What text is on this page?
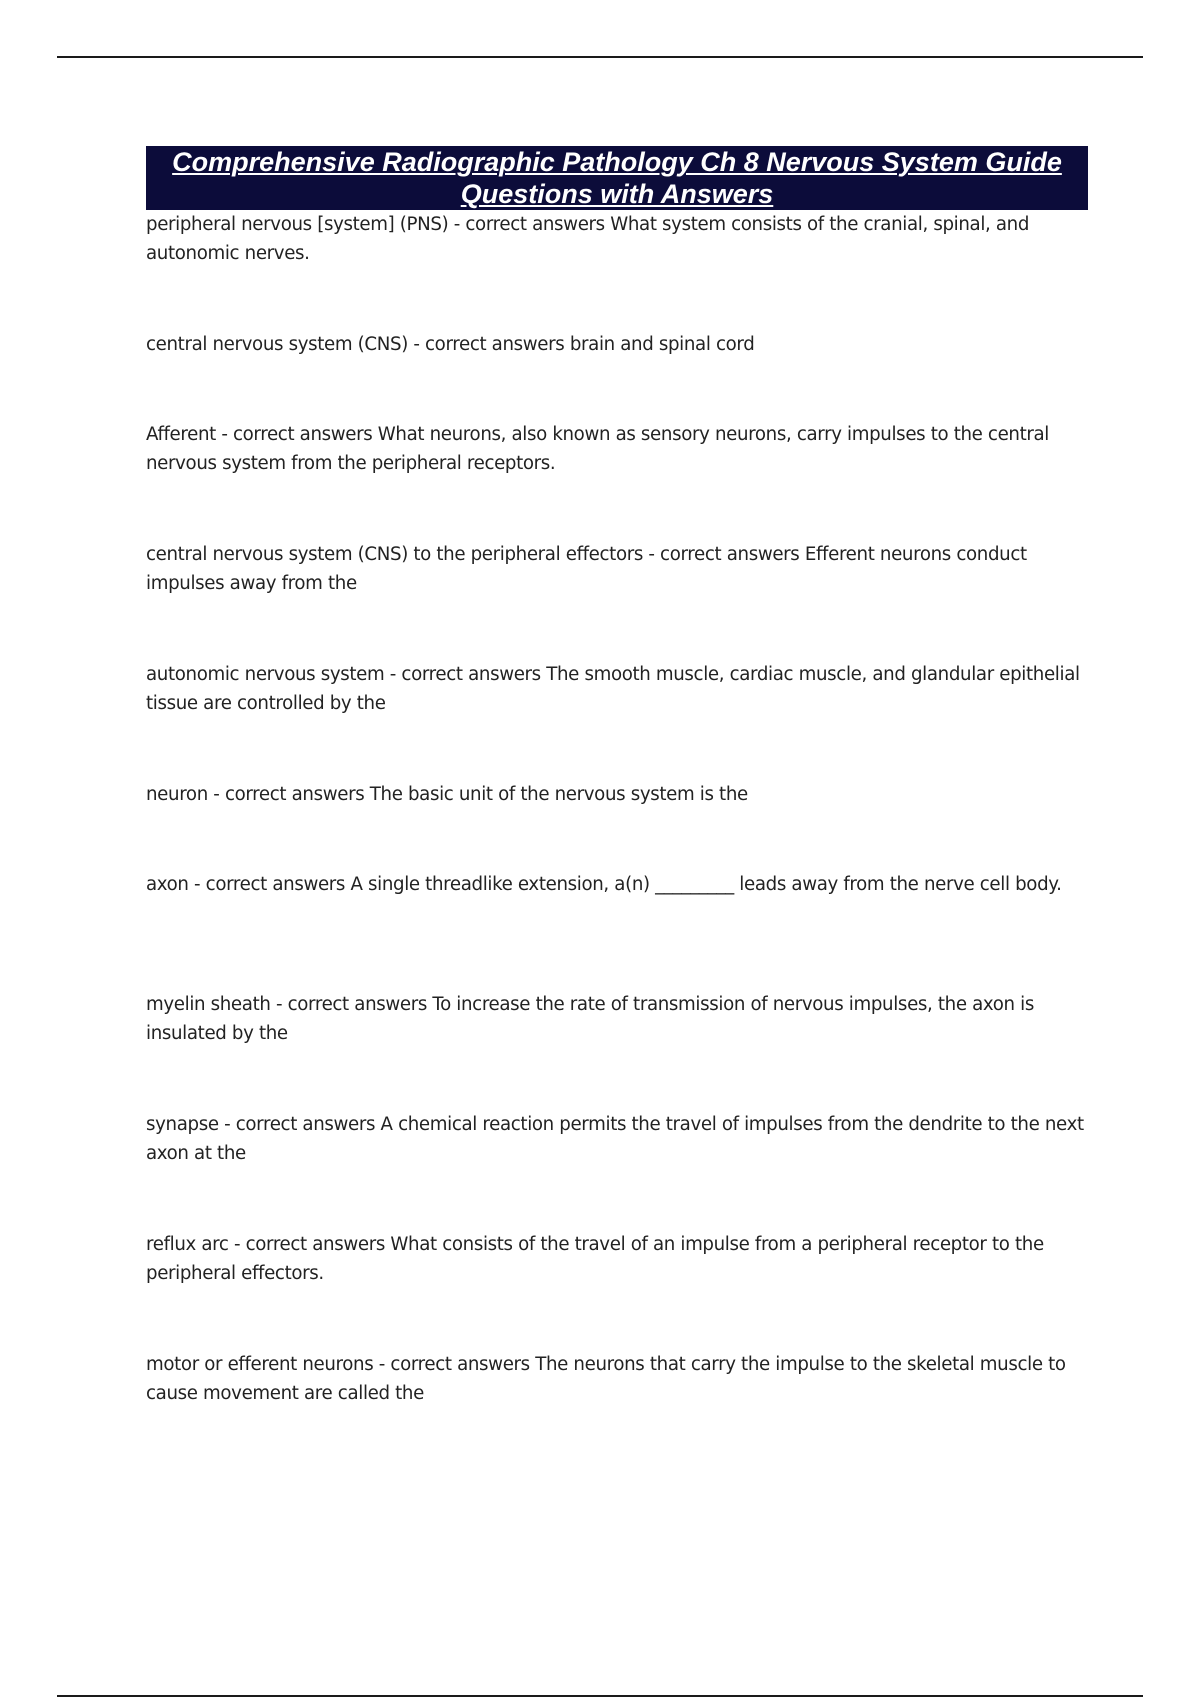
Comprehensive Radiographic Pathology Ch 8 Nervous System Guide
Questions with Answers

peripheral nervous [system] (PNS) - correct answers What system consists of the cranial, spinal, and autonomic nerves.

central nervous system (CNS) - correct answers brain and spinal cord

Afferent - correct answers What neurons, also known as sensory neurons, carry impulses to the central nervous system from the peripheral receptors.

central nervous system (CNS) to the peripheral effectors - correct answers Efferent neurons conduct impulses away from the

autonomic nervous system - correct answers The smooth muscle, cardiac muscle, and glandular epithelial tissue are controlled by the

neuron - correct answers The basic unit of the nervous system is the

axon - correct answers A single threadlike extension, a(n) _________ leads away from the nerve cell body.

myelin sheath - correct answers To increase the rate of transmission of nervous impulses, the axon is insulated by the

synapse - correct answers A chemical reaction permits the travel of impulses from the dendrite to the next axon at the

reflux arc - correct answers What consists of the travel of an impulse from a peripheral receptor to the peripheral effectors.

motor or efferent neurons - correct answers The neurons that carry the impulse to the skeletal muscle to cause movement are called the
